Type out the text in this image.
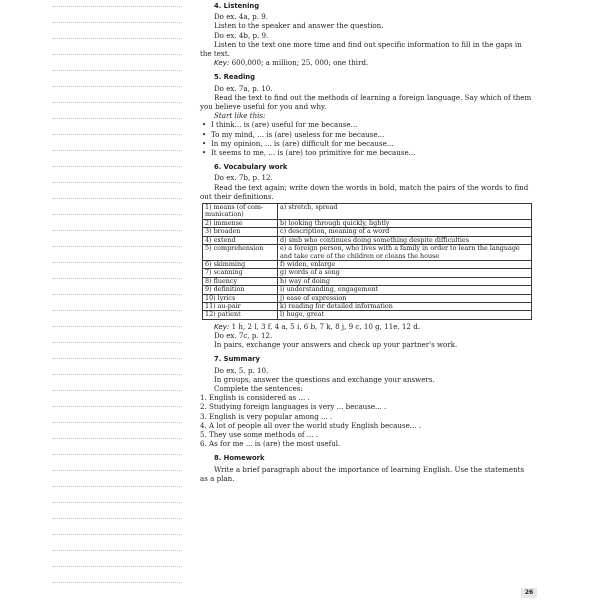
4. Listening

Do ex. 4a, p. 9.

Listen to the speaker and answer the question.

Do ex. 4b, p. 9.

Listen to the text one more time and find out specific information to fill in the gaps in the text.

Key: 600,000; a million; 25, 000; one third.

5. Reading

Do ex. 7a, p. 10.

Read the text to find out the methods of learning a foreign language. Say which of them you believe useful for you and why.

Start like this:

• I think... is (are) useful for me because...
• To my mind, ... is (are) useless for me because...
• In my opinion, ... is (are) difficult for me because...
• It seems to me, ... is (are) too primitive for me because...
6. Vocabulary work

Do ex. 7b, p. 12.

Read the text again; write down the words in bold, match the pairs of the words to find out their definitions.

1) means (of com-munication)	a) stretch, spread
2) immense	b) looking through quickly, lightly
3) broaden	c) description, meaning of a word
4) extend	d) smb who continues doing something despite difficulties
5) comprehension	e) a foreign person, who lives with a family in order to learn the language and take care of the children or cleans the house
6) skimming	f) widen, enlarge
7) scanning	g) words of a song
8) fluency	h) way of doing
9) definition	i) understanding, engagement
10) lyrics	j) ease of expression
11) au-pair	k) reading for detailed information
12) patient	l) huge, great

Key: 1 h, 2 l, 3 f, 4 a, 5 i, 6 b, 7 k, 8 j, 9 c, 10 g, 11e, 12 d.

Do ex. 7c, p. 12.

In pairs, exchange your answers and check up your partner's work.

7. Summary

Do ex. 5, p. 10.

In groups, answer the questions and exchange your answers.

Complete the sentences:

1. English is considered as ... .
2. Studying foreign languages is very ... because... .
3. English is very popular among ... .
4. A lot of people all over the world study English because... .
5. They use some methods of ... .
6. As for me ... is (are) the most useful.
8. Homework

Write a brief paragraph about the importance of learning English. Use the statements as a plan.

26
